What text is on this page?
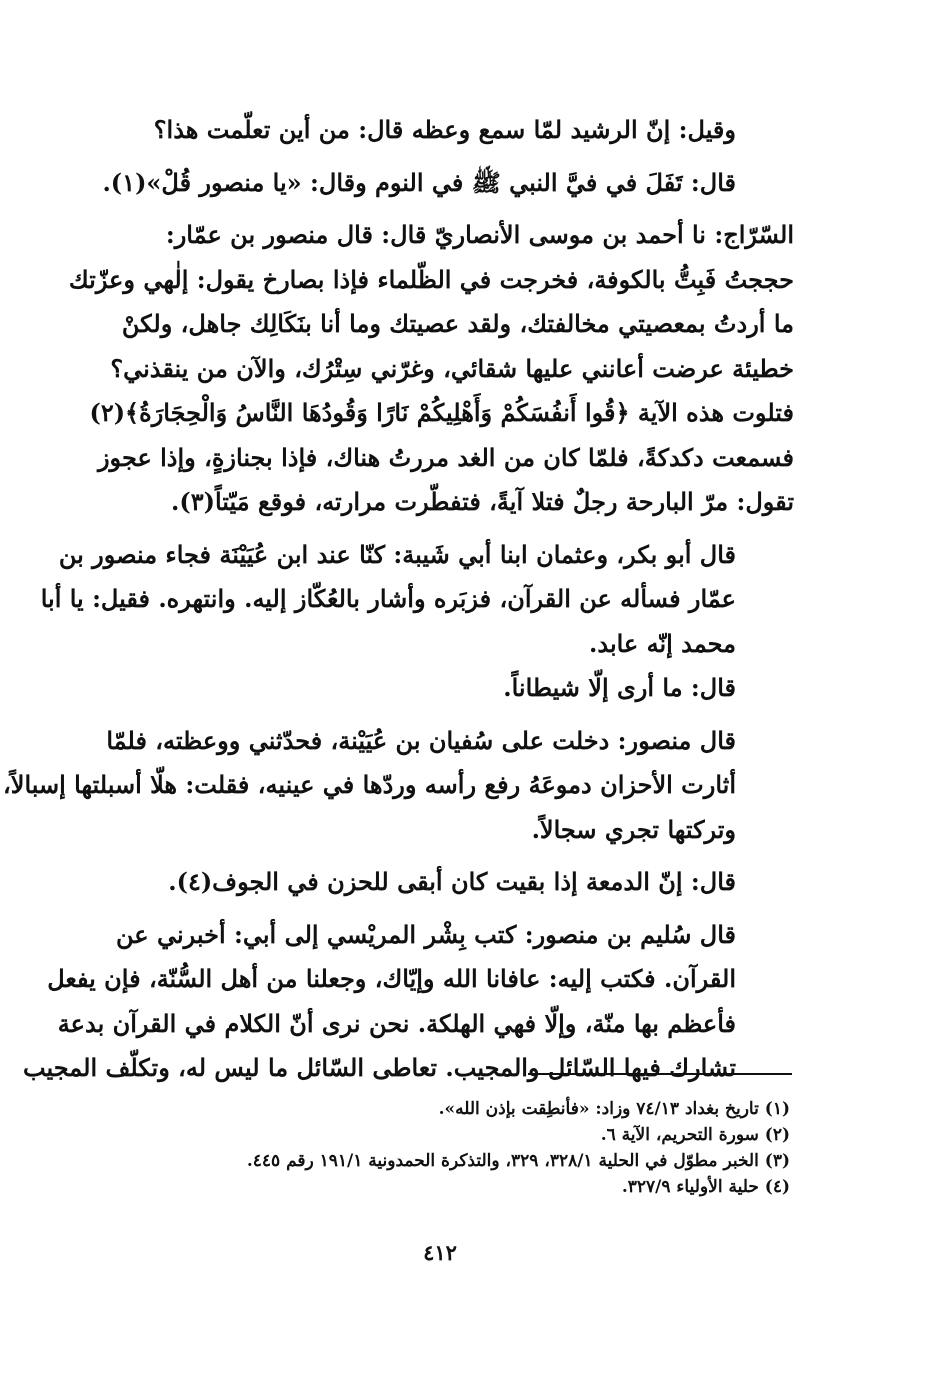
وقيل: إنّ الرشيد لمّا سمع وعظه قال: من أين تعلّمت هذا؟

قال: تَفَلَ في فيَّ النبي ﷺ في النوم وقال: «يا منصور قُلْ»(١).

السّرّاج: نا أحمد بن موسى الأنصاريّ قال: قال منصور بن عمّار:
حججتُ فَبِتُّ بالكوفة، فخرجت في الظّلماء فإذا بصارخ يقول: إلٰهي وعزّتك
ما أردتُ بمعصيتي مخالفتك، ولقد عصيتك وما أنا بنَكَالِك جاهل، ولكنْ
خطيئة عرضت أعانني عليها شقائي، وغرّني سِتْرُك، والآن من ينقذني؟
فتلوت هذه الآية ﴿قُوا أَنفُسَكُمْ وَأَهْلِيكُمْ نَارًا وَقُودُهَا النَّاسُ وَالْحِجَارَةُ﴾(٢)
فسمعت دكدكةً، فلمّا كان من الغد مررتُ هناك، فإذا بجنازةٍ، وإذا عجوز
تقول: مرّ البارحة رجلٌ فتلا آيةً، فتفطّرت مرارته، فوقع مَيّتاً(٣).

قال أبو بكر، وعثمان ابنا أبي شَيبة: كنّا عند ابن عُيَيْنَة فجاء منصور بن
عمّار فسأله عن القرآن، فزبَره وأشار بالعُكّاز إليه. وانتهره. فقيل: يا أبا
محمد إنّه عابد.

قال: ما أرى إلّا شيطاناً.

قال منصور: دخلت على سُفيان بن عُيَيْنة، فحدّثني ووعظته، فلمّا
أثارت الأحزان دموعَهُ رفع رأسه وردّها في عينيه، فقلت: هلّا أسبلتها إسبالاً،
وتركتها تجري سجالاً.

قال: إنّ الدمعة إذا بقيت كان أبقى للحزن في الجوف(٤).

قال سُليم بن منصور: كتب بِشْر المريْسي إلى أبي: أخبرني عن
القرآن. فكتب إليه: عافانا الله وإيّاك، وجعلنا من أهل السُّنّة، فإن يفعل
فأعظم بها منّة، وإلّا فهي الهلكة. نحن نرى أنّ الكلام في القرآن بدعة
تشارك فيها السّائل والمجيب. تعاطى السّائل ما ليس له، وتكلّف المجيب

(١) تاريخ بغداد ٧٤/١٣ وزاد: «فأنطِقت بإذن الله».

(٢) سورة التحريم، الآية ٦.

(٣) الخبر مطوّل في الحلية ٣٢٨/١، ٣٢٩، والتذكرة الحمدونية ١٩١/١ رقم ٤٤٥.

(٤) حلية الأولياء ٣٢٧/٩.

٤١٢
